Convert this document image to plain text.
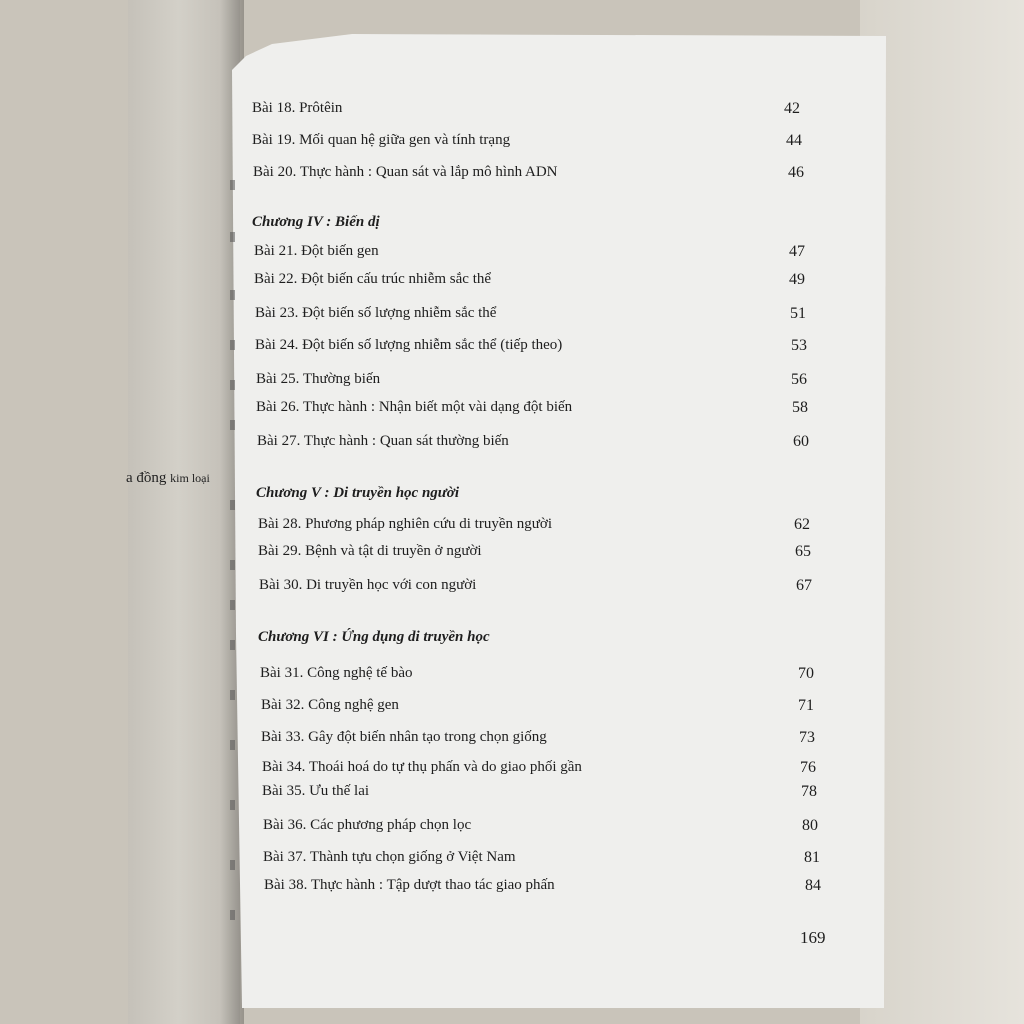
a đồng kim loại
Bài 18. Prôtêin	42
Bài 19. Mối quan hệ giữa gen và tính trạng	44
Bài 20. Thực hành : Quan sát và lắp mô hình ADN	46
Chương IV : Biến dị
Bài 21. Đột biến gen	47
Bài 22. Đột biến cấu trúc nhiễm sắc thể	49
Bài 23. Đột biến số lượng nhiễm sắc thể	51
Bài 24. Đột biến số lượng nhiễm sắc thể (tiếp theo)	53
Bài 25. Thường biến	56
Bài 26. Thực hành : Nhận biết một vài dạng đột biến	58
Bài 27. Thực hành : Quan sát thường biến	60
Chương V : Di truyền học người
Bài 28. Phương pháp nghiên cứu di truyền người	62
Bài 29. Bệnh và tật di truyền ở người	65
Bài 30. Di truyền học với con người	67
Chương VI : Ứng dụng di truyền học
Bài 31. Công nghệ tế bào	70
Bài 32. Công nghệ gen	71
Bài 33. Gây đột biến nhân tạo trong chọn giống	73
Bài 34. Thoái hoá do tự thụ phấn và do giao phối gần	76
Bài 35. Ưu thế lai	78
Bài 36. Các phương pháp chọn lọc	80
Bài 37. Thành tựu chọn giống ở Việt Nam	81
Bài 38. Thực hành : Tập dượt thao tác giao phấn	84
169
